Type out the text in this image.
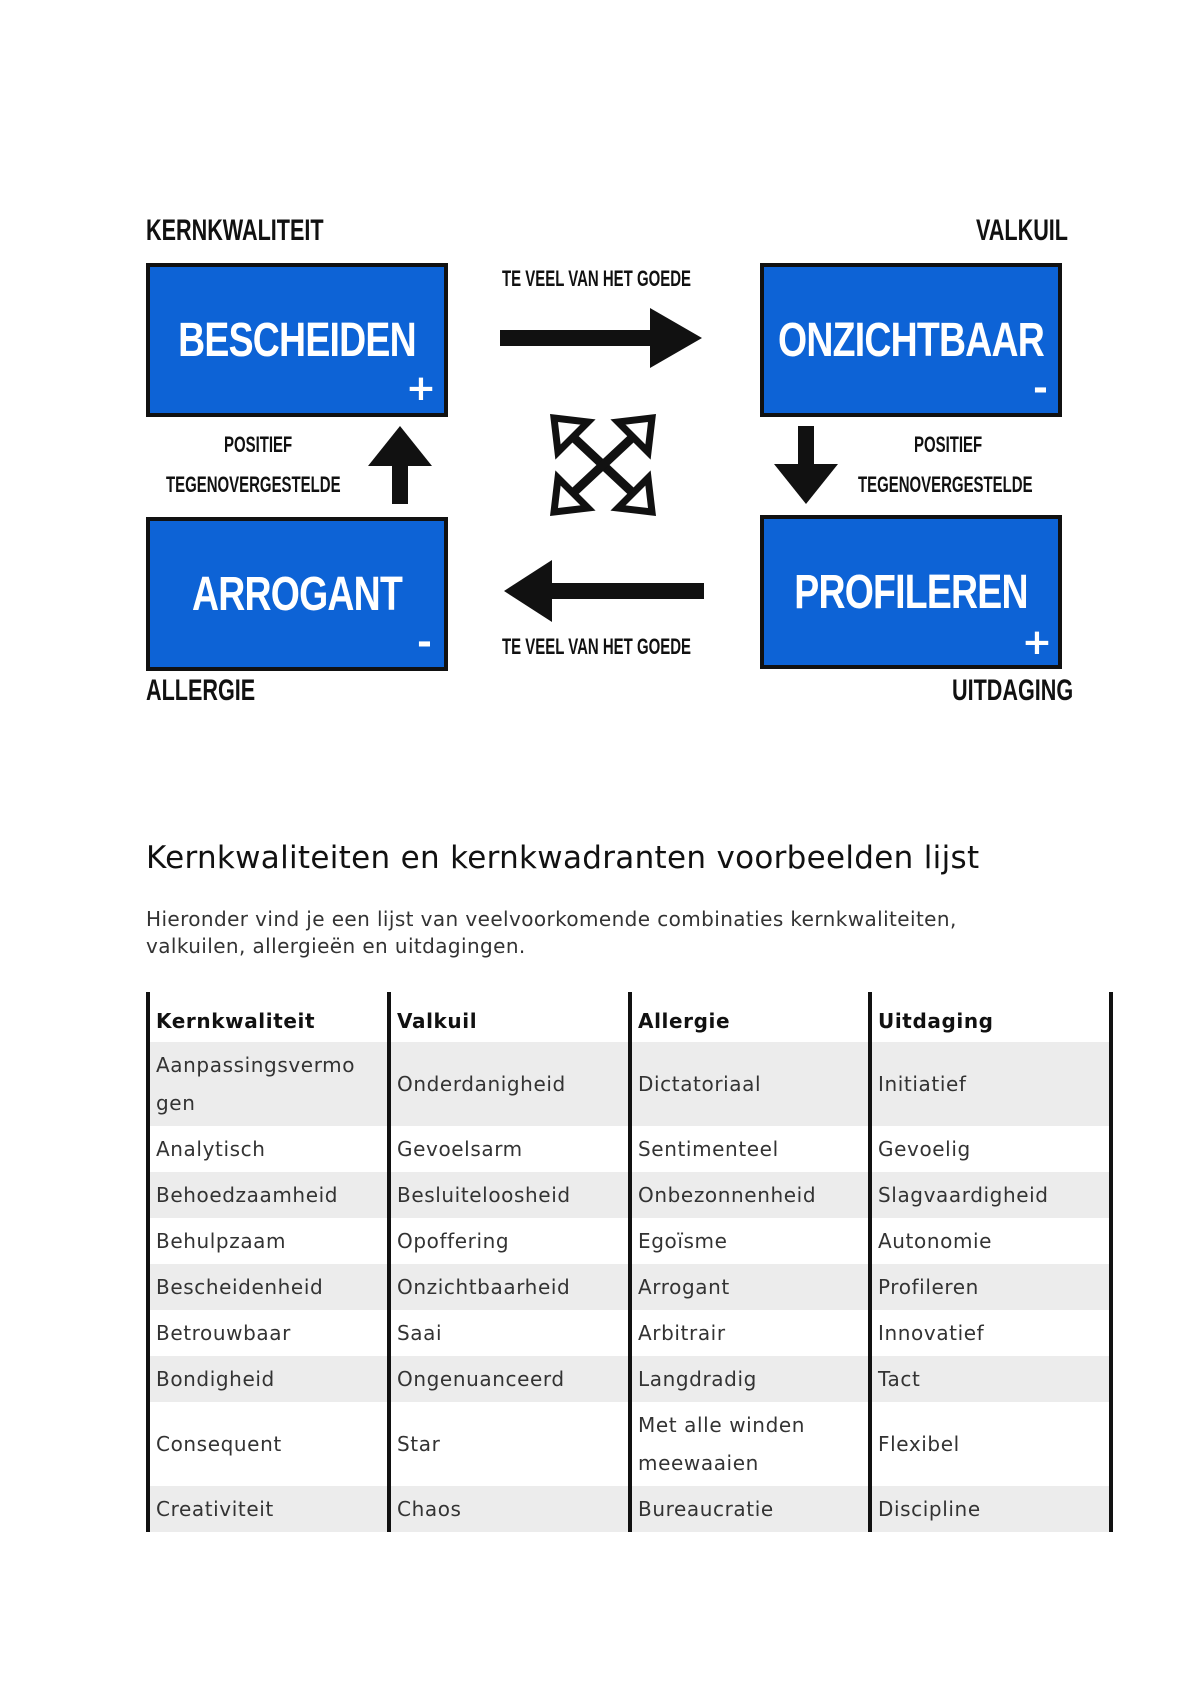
KERNKWALITEIT	VALKUIL
ALLERGIE	UITDAGING
BESCHEIDEN
+
ONZICHTBAAR
-
ARROGANT
-
PROFILEREN
+
TE VEEL VAN HET GOEDE
TE VEEL VAN HET GOEDE
POSITIEF
TEGENOVERGESTELDE
POSITIEF
TEGENOVERGESTELDE
Kernkwaliteiten en kernkwadranten voorbeelden lijst
Hieronder vind je een lijst van veelvoorkomende combinaties kernkwaliteiten, valkuilen, allergieën en uitdagingen.
Kernkwaliteit	Valkuil	Allergie	Uitdaging
Aanpassingsvermo gen	Onderdanigheid	Dictatoriaal	Initiatief
Analytisch	Gevoelsarm	Sentimenteel	Gevoelig
Behoedzaamheid	Besluiteloosheid	Onbezonnenheid	Slagvaardigheid
Behulpzaam	Opoffering	Egoïsme	Autonomie
Bescheidenheid	Onzichtbaarheid	Arrogant	Profileren
Betrouwbaar	Saai	Arbitrair	Innovatief
Bondigheid	Ongenuanceerd	Langdradig	Tact
Consequent	Star	Met alle winden meewaaien	Flexibel
Creativiteit	Chaos	Bureaucratie	Discipline
